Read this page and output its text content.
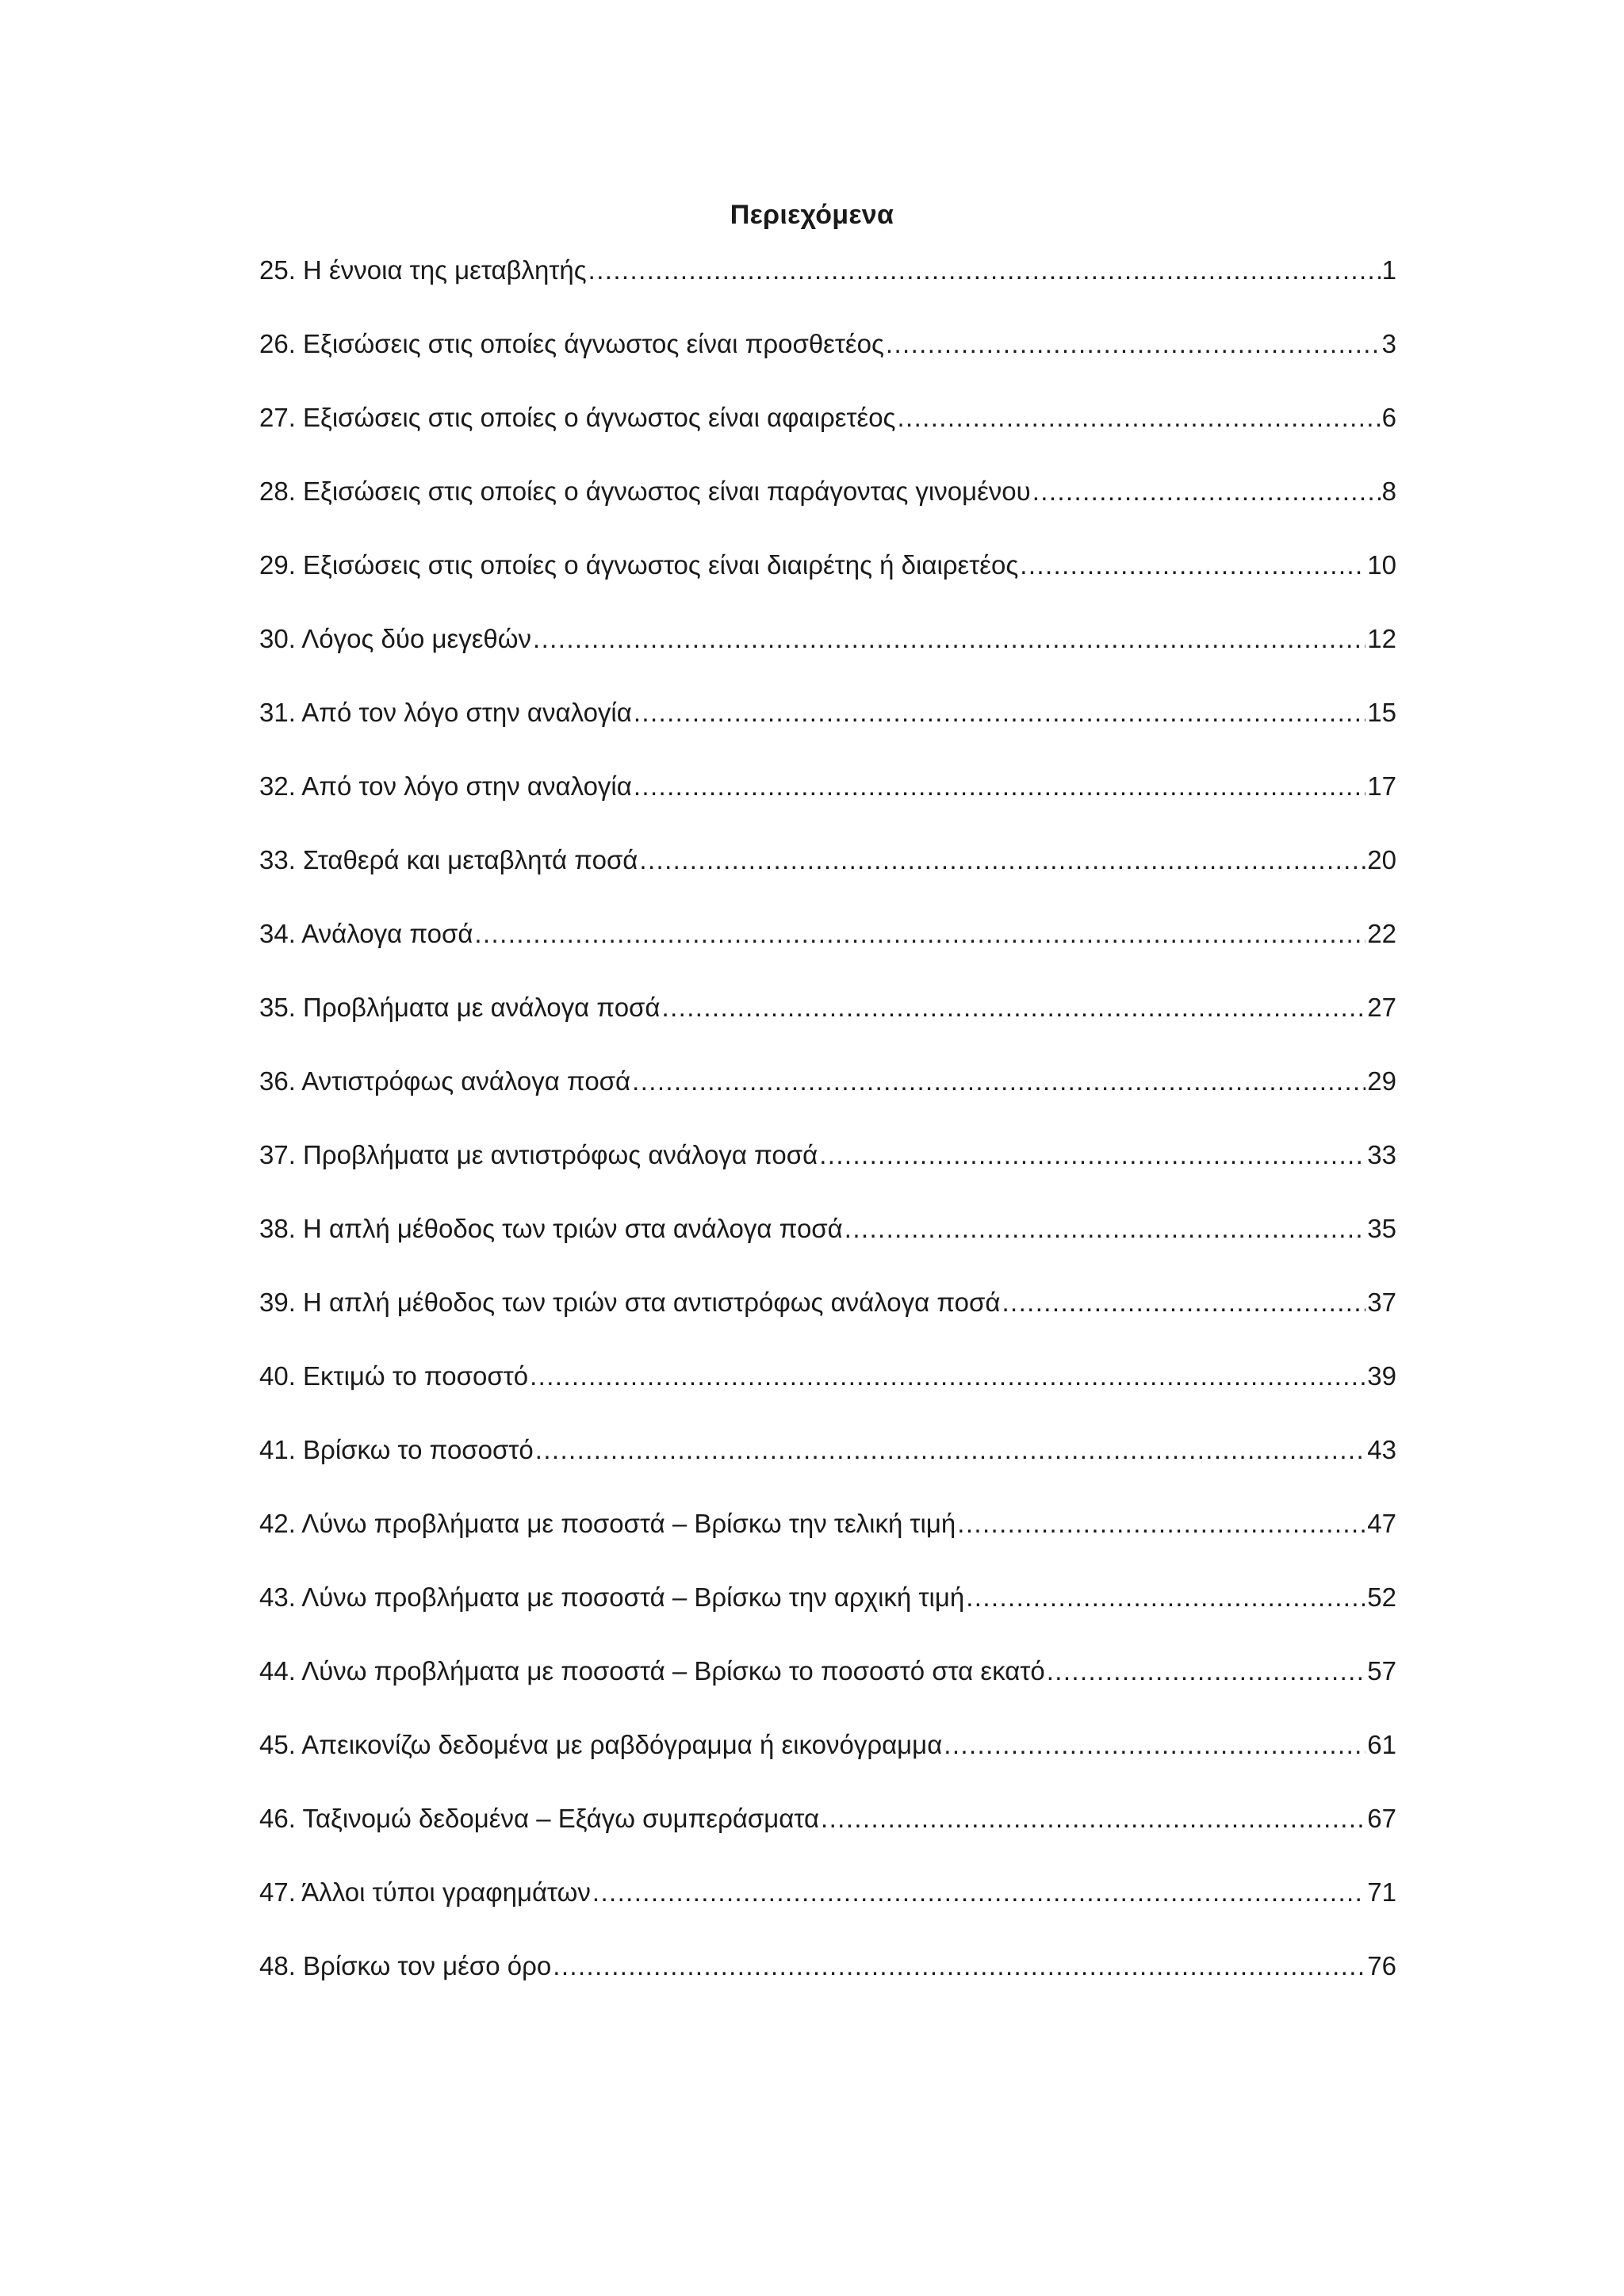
Περιεχόμενα
25. Η έννοια της μεταβλητής .....	1
26. Εξισώσεις στις οποίες άγνωστος είναι προσθετέος .....	3
27. Εξισώσεις στις οποίες ο άγνωστος είναι αφαιρετέος .....	6
28. Εξισώσεις στις οποίες ο άγνωστος είναι παράγοντας γινομένου .....	8
29. Εξισώσεις στις οποίες ο άγνωστος είναι διαιρέτης ή διαιρετέος .....	10
30. Λόγος δύο μεγεθών .....	12
31. Από τον λόγο στην αναλογία .....	15
32. Από τον λόγο στην αναλογία .....	17
33. Σταθερά και μεταβλητά ποσά .....	20
34. Ανάλογα ποσά .....	22
35. Προβλήματα με ανάλογα ποσά .....	27
36. Αντιστρόφως ανάλογα ποσά .....	29
37. Προβλήματα με αντιστρόφως ανάλογα ποσά .....	33
38. Η απλή μέθοδος των τριών στα ανάλογα ποσά .....	35
39. Η απλή μέθοδος των τριών στα αντιστρόφως ανάλογα ποσά .....	37
40. Εκτιμώ το ποσοστό .....	39
41. Βρίσκω το ποσοστό .....	43
42. Λύνω προβλήματα με ποσοστά – Βρίσκω την τελική τιμή .....	47
43. Λύνω προβλήματα με ποσοστά – Βρίσκω την αρχική τιμή .....	52
44. Λύνω προβλήματα με ποσοστά – Βρίσκω το ποσοστό στα εκατό .....	57
45. Απεικονίζω δεδομένα με ραβδόγραμμα ή εικονόγραμμα .....	61
46. Ταξινομώ δεδομένα – Εξάγω συμπεράσματα .....	67
47. Άλλοι τύποι γραφημάτων .....	71
48. Βρίσκω τον μέσο όρο .....	76
